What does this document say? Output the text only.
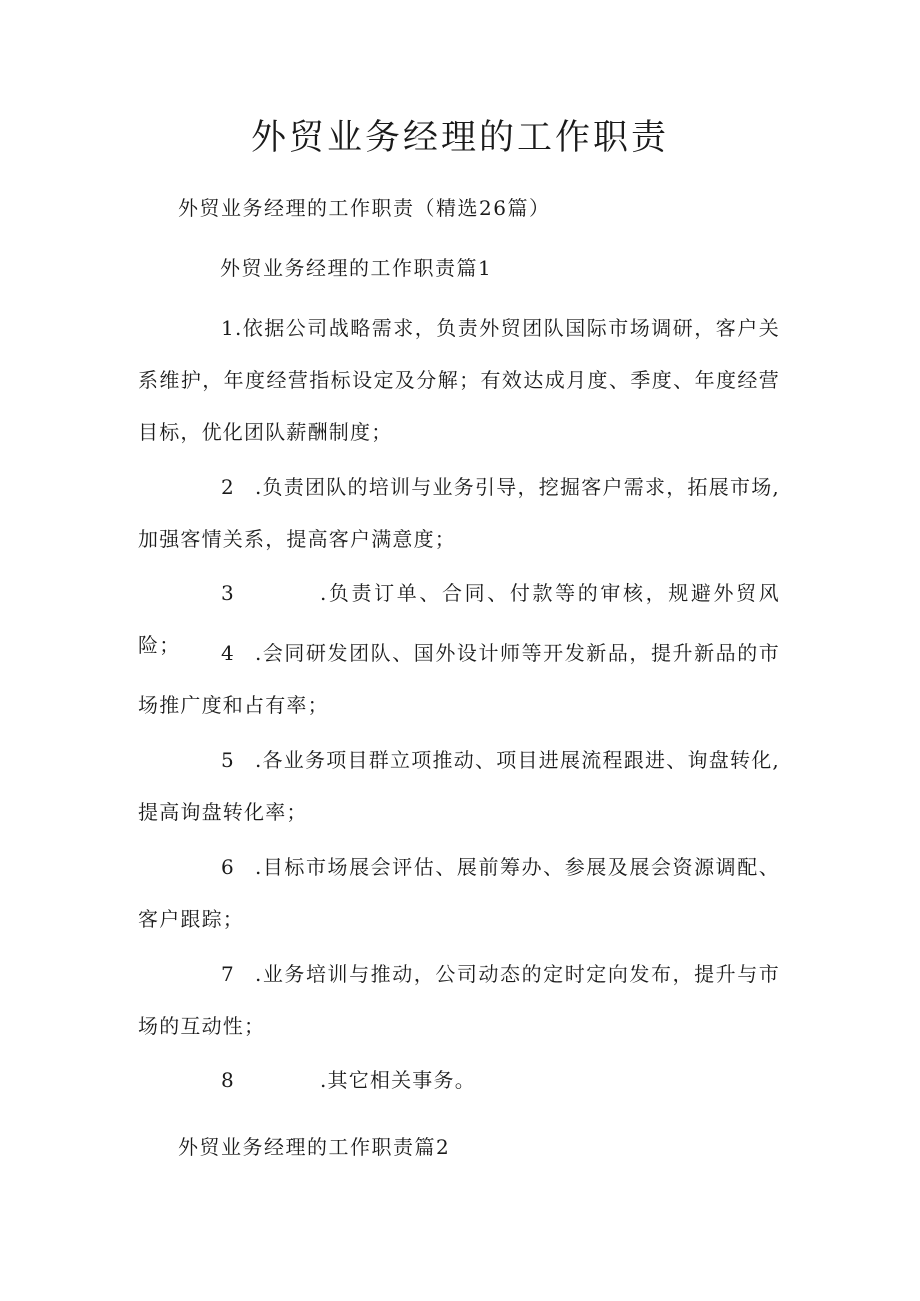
外贸业务经理的工作职责

外贸业务经理的工作职责（精选26篇）

外贸业务经理的工作职责篇1

1.依据公司战略需求，负责外贸团队国际市场调研，客户关系维护，年度经营指标设定及分解；有效达成月度、季度、年度经营目标，优化团队薪酬制度；

2 .负责团队的培训与业务引导，挖掘客户需求，拓展市场,加强客情关系，提高客户满意度；

3	.负责订单、合同、付款等的审核，规避外贸风险；	4 .会同研发团队、国外设计师等开发新品，提升新品的市场推广度和占有率；

5 .各业务项目群立项推动、项目进展流程跟进、询盘转化,提高询盘转化率；

6 .目标市场展会评估、展前筹办、参展及展会资源调配、客户跟踪；

7 .业务培训与推动，公司动态的定时定向发布，提升与市场的互动性；

8	.其它相关事务。

外贸业务经理的工作职责篇2
